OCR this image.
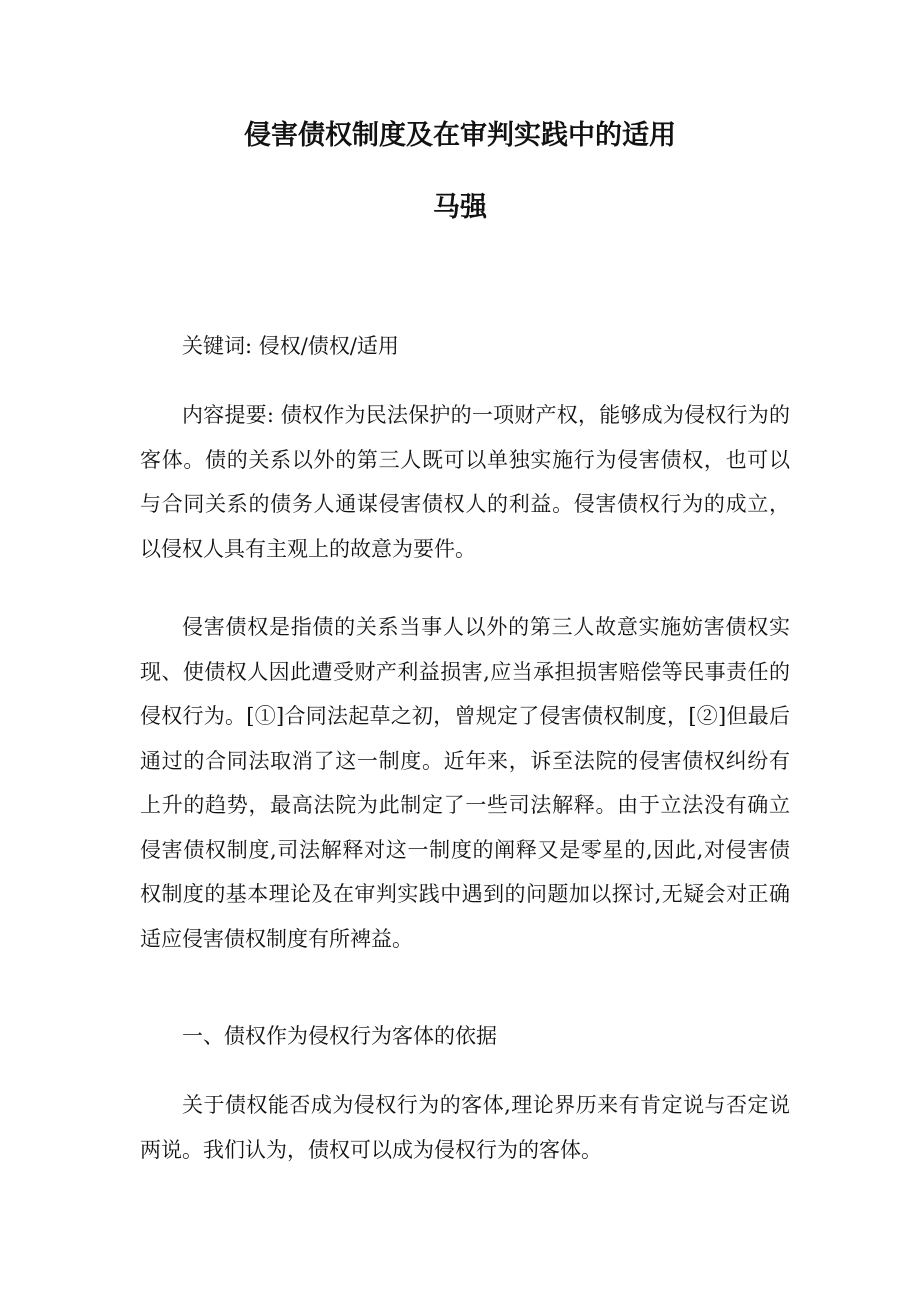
侵害债权制度及在审判实践中的适用
马强

关键词: 侵权/债权/适用

内容提要: 债权作为民法保护的一项财产权，能够成为侵权行为的客体。债的关系以外的第三人既可以单独实施行为侵害债权，也可以与合同关系的债务人通谋侵害债权人的利益。侵害债权行为的成立，以侵权人具有主观上的故意为要件。

侵害债权是指债的关系当事人以外的第三人故意实施妨害债权实现、使债权人因此遭受财产利益损害,应当承担损害赔偿等民事责任的侵权行为。[①]合同法起草之初，曾规定了侵害债权制度，[②]但最后通过的合同法取消了这一制度。近年来，诉至法院的侵害债权纠纷有上升的趋势，最高法院为此制定了一些司法解释。由于立法没有确立侵害债权制度,司法解释对这一制度的阐释又是零星的,因此,对侵害债权制度的基本理论及在审判实践中遇到的问题加以探讨,无疑会对正确适应侵害债权制度有所裨益。

一、债权作为侵权行为客体的依据

关于债权能否成为侵权行为的客体,理论界历来有肯定说与否定说两说。我们认为，债权可以成为侵权行为的客体。
